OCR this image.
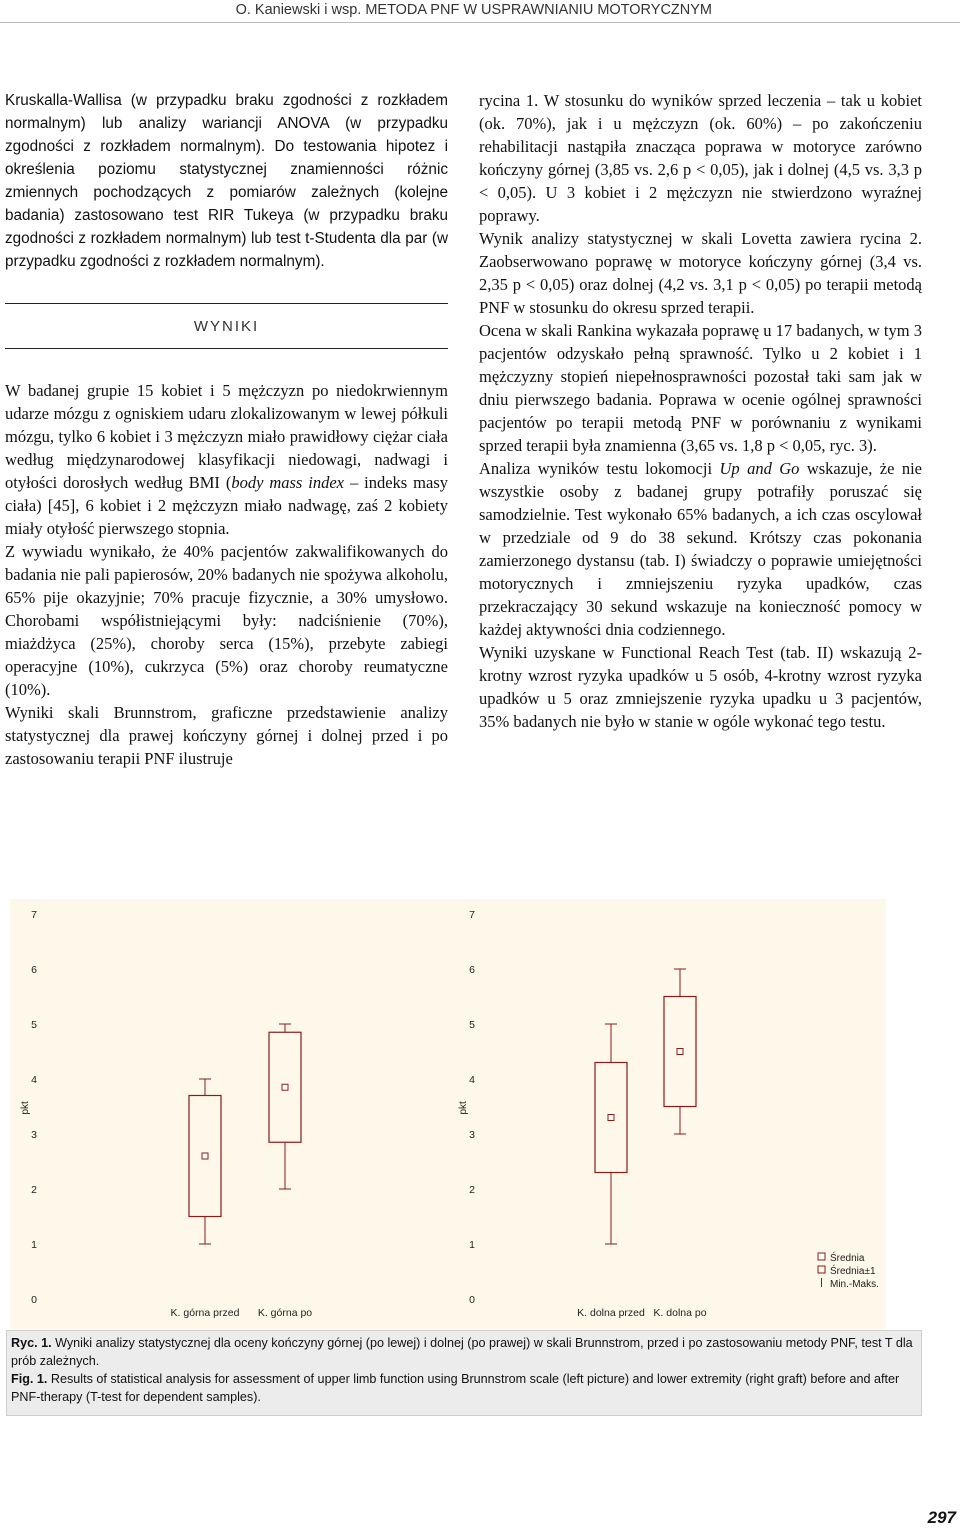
O. Kaniewski i wsp. METODA PNF W USPRAWNIANIU MOTORYCZNYM

Kruskalla-Wallisa (w przypadku braku zgodności z rozkładem normalnym) lub analizy wariancji ANOVA (w przypadku zgodności z rozkładem normalnym). Do testowania hipotez i określenia poziomu statystycznej znamienności różnic zmiennych pochodzących z pomiarów zależnych (kolejne badania) zastosowano test RIR Tukeya (w przypadku braku zgodności z rozkładem normalnym) lub test t-Studenta dla par (w przypadku zgodności z rozkładem normalnym).

WYNIKI

W badanej grupie 15 kobiet i 5 mężczyzn po niedokrwiennym udarze mózgu z ogniskiem udaru zlokalizowanym w lewej półkuli mózgu, tylko 6 kobiet i 3 mężczyzn miało prawidłowy ciężar ciała według międzynarodowej klasyfikacji niedowagi, nadwagi i otyłości dorosłych według BMI (body mass index – indeks masy ciała) [45], 6 kobiet i 2 mężczyzn miało nadwagę, zaś 2 kobiety miały otyłość pierwszego stopnia.

Z wywiadu wynikało, że 40% pacjentów zakwalifikowanych do badania nie pali papierosów, 20% badanych nie spożywa alkoholu, 65% pije okazyjnie; 70% pracuje fizycznie, a 30% umysłowo. Chorobami współistniejącymi były: nadciśnienie (70%), miażdżyca (25%), choroby serca (15%), przebyte zabiegi operacyjne (10%), cukrzyca (5%) oraz choroby reumatyczne (10%).

Wyniki skali Brunnstrom, graficzne przedstawienie analizy statystycznej dla prawej kończyny górnej i dolnej przed i po zastosowaniu terapii PNF ilustruje

rycina 1. W stosunku do wyników sprzed leczenia – tak u kobiet (ok. 70%), jak i u mężczyzn (ok. 60%) – po zakończeniu rehabilitacji nastąpiła znacząca poprawa w motoryce zarówno kończyny górnej (3,85 vs. 2,6 p < 0,05), jak i dolnej (4,5 vs. 3,3 p < 0,05). U 3 kobiet i 2 mężczyzn nie stwierdzono wyraźnej poprawy.

Wynik analizy statystycznej w skali Lovetta zawiera rycina 2. Zaobserwowano poprawę w motoryce kończyny górnej (3,4 vs. 2,35 p < 0,05) oraz dolnej (4,2 vs. 3,1 p < 0,05) po terapii metodą PNF w stosunku do okresu sprzed terapii.

Ocena w skali Rankina wykazała poprawę u 17 badanych, w tym 3 pacjentów odzyskało pełną sprawność. Tylko u 2 kobiet i 1 mężczyzny stopień niepełnosprawności pozostał taki sam jak w dniu pierwszego badania. Poprawa w ocenie ogólnej sprawności pacjentów po terapii metodą PNF w porównaniu z wynikami sprzed terapii była znamienna (3,65 vs. 1,8 p < 0,05, ryc. 3).

Analiza wyników testu lokomocji Up and Go wskazuje, że nie wszystkie osoby z badanej grupy potrafiły poruszać się samodzielnie. Test wykonało 65% badanych, a ich czas oscylował w przedziale od 9 do 38 sekund. Krótszy czas pokonania zamierzonego dystansu (tab. I) świadczy o poprawie umiejętności motorycznych i zmniejszeniu ryzyka upadków, czas przekraczający 30 sekund wskazuje na konieczność pomocy w każdej aktywności dnia codziennego.

Wyniki uzyskane w Functional Reach Test (tab. II) wskazują 2-krotny wzrost ryzyka upadków u 5 osób, 4-krotny wzrost ryzyka upadków u 5 oraz zmniejszenie ryzyka upadku u 3 pacjentów, 35% badanych nie było w stanie w ogóle wykonać tego testu.

pkt
0
1
2
3
4
5
6
7
K. górna przed K. górna po
pkt
0
1
2
3
4
5
6
7
K. dolna przed K. dolna po
Średnia
Średnia±1
Min.-Maks.

Ryc. 1. Wyniki analizy statystycznej dla oceny kończyny górnej (po lewej) i dolnej (po prawej) w skali Brunnstrom, przed i po zastosowaniu metody PNF, test T dla prób zależnych.

Fig. 1. Results of statistical analysis for assessment of upper limb function using Brunnstrom scale (left picture) and lower extremity (right graft) before and after PNF-therapy (T-test for dependent samples).

297
